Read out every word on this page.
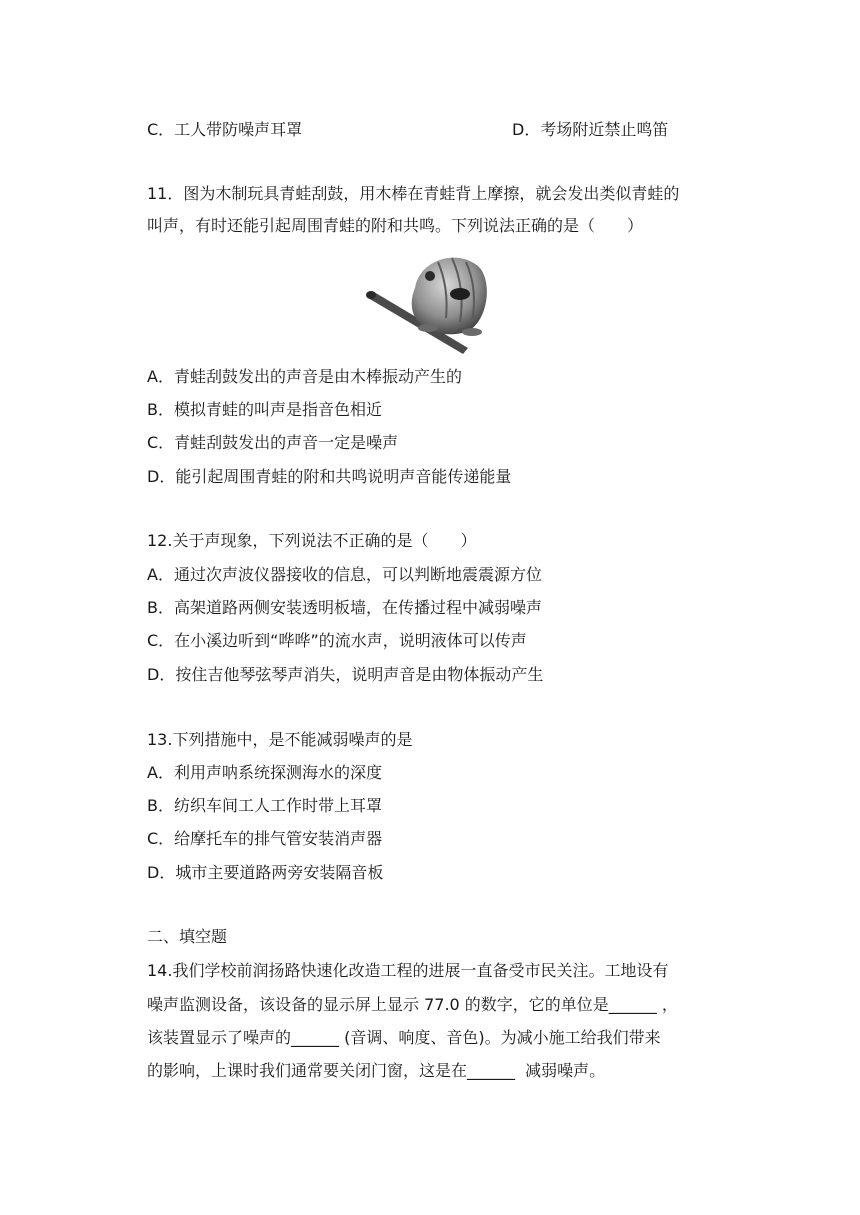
C．工人带防噪声耳罩	D．考场附近禁止鸣笛
11．图为木制玩具青蛙刮鼓，用木棒在青蛙背上摩擦，就会发出类似青蛙的
叫声，有时还能引起周围青蛙的附和共鸣。下列说法正确的是（　　）
A．青蛙刮鼓发出的声音是由木棒振动产生的
B．模拟青蛙的叫声是指音色相近
C．青蛙刮鼓发出的声音一定是噪声
D．能引起周围青蛙的附和共鸣说明声音能传递能量
12.关于声现象，下列说法不正确的是（　　）
A．通过次声波仪器接收的信息，可以判断地震震源方位
B．高架道路两侧安装透明板墙，在传播过程中减弱噪声
C．在小溪边听到“哗哗”的流水声，说明液体可以传声
D．按住吉他琴弦琴声消失，说明声音是由物体振动产生
13.下列措施中，是不能减弱噪声的是
A．利用声呐系统探测海水的深度
B．纺织车间工人工作时带上耳罩
C．给摩托车的排气管安装消声器
D．城市主要道路两旁安装隔音板
二、填空题
14.我们学校前润扬路快速化改造工程的进展一直备受市民关注。工地设有
噪声监测设备，该设备的显示屏上显示 77.0 的数字，它的单位是______ ，
该装置显示了噪声的______ (音调、响度、音色)。为减小施工给我们带来
的影响，上课时我们通常要关闭门窗，这是在______  减弱噪声。
